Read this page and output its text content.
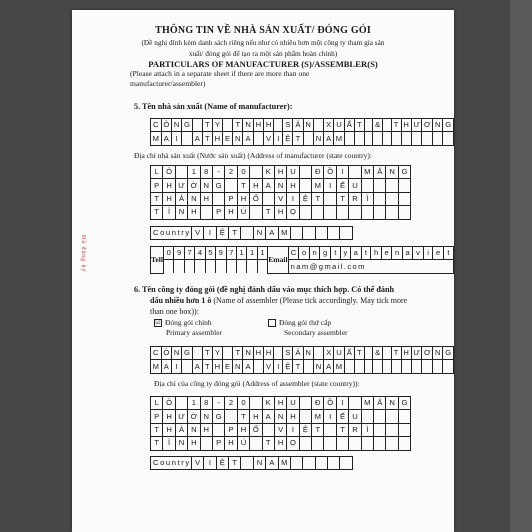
THÔNG TIN VỀ NHÀ SẢN XUẤT/ ĐÓNG GÓI
(Đề nghị đính kèm danh sách riêng nếu như có nhiều hơn một công ty tham gia sản
xuất/ đóng gói để tạo ra một sản phẩm hoàn chỉnh)
PARTICULARS OF MANUFACTURER (S)/ASSEMBLER(S)
(Please attach in a separate sheet if there are more than one
manufacturer/assembler)
5. Tên nhà sản xuất (Name of manufacturer):
C	Ô	N	G		T	Y		T	N	H	H		S	Ả	N		X	U	Ấ	T		&		T	H	Ư	Ơ	N	G
M	A	I		A	T	H	E	N	A		V	I	Ệ	T		N	A	M											
Địa chỉ nhà sản xuất (Nước sản xuất) (Address of manufacturer (state country):
L	Ô		1	8	-	2	0		K	H	U		Đ	Ồ	I		M	Ă	N	G
P	H	Ư	Ờ	N	G		T	H	A	N	H		M	I	Ế	U				
T	H	À	N	H		P	H	Ố		V	I	Ệ	T		T	R	Ì			
T	Ỉ	N	H		P	H	Ú		T	H	Ọ									
Country	V	I	Ệ	T		N	A	M					
Tell	0	9	7	4	5	9	7	1	1	1	Email	C	o	n	g	t	y	a	t	h	e	n	a	v	i	e	t
												nam@gmail.com															
6. Tên công ty đóng gói (đề nghị đánh dấu vào mục thích hợp. Có thể đánh
dấu nhiều hơn 1 ô (Name of assembler (Please tick accordingly. May tick more
than one box)):
☑ Đóng gói chính
Primary assembler
Đóng gói thứ cấp
Secondary assembler
C	Ô	N	G		T	Y		T	N	H	H		S	Ả	N		X	U	Ấ	T		&		T	H	Ư	Ơ	N	G
M	A	I		A	T	H	E	N	A		V	I	Ệ	T		N	A	M											
Địa chỉ của công ty đóng gói (Address of assembler (state country)):
L	Ô		1	8	-	2	0		K	H	U		Đ	Ồ	I		M	Ă	N	G
P	H	Ư	Ờ	N	G		T	H	A	N	H		M	I	Ế	U				
T	H	À	N	H		P	H	Ố		V	I	Ệ	T		T	R	Ì			
T	Ỉ	N	H		P	H	Ú		T	H	Ọ									
Country	V	I	Ệ	T		N	A	M					
Đã đăng ký
